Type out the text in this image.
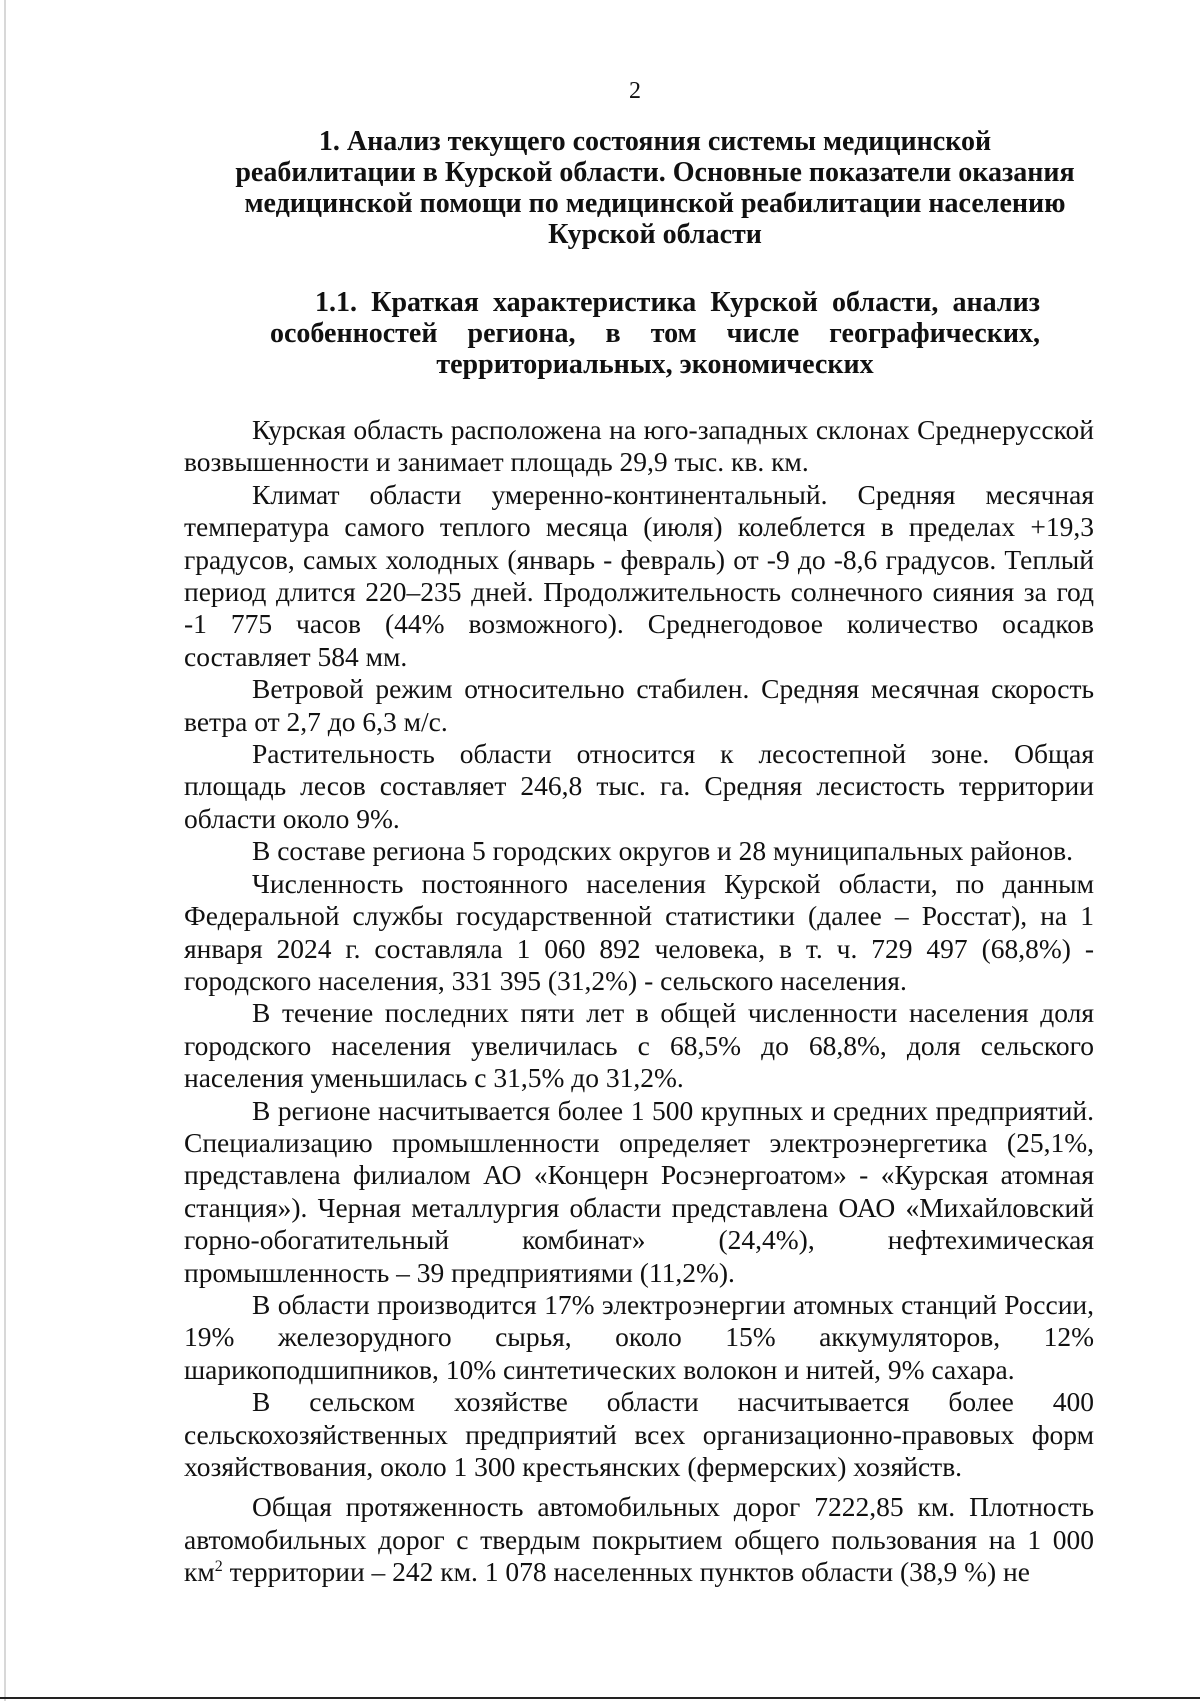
2
1. Анализ текущего состояния системы медицинской
реабилитации в Курской области. Основные показатели оказания
медицинской помощи по медицинской реабилитации населению
Курской области
1.1. Краткая характеристика Курской области, анализ
особенностей региона, в том числе географических,
территориальных, экономических

Курская область расположена на юго-западных склонах Среднерусской возвышенности и занимает площадь 29,9 тыс. кв. км.

Климат области умеренно-континентальный. Средняя месячная температура самого теплого месяца (июля) колеблется в пределах +19,3 градусов, самых холодных (январь - февраль) от -9 до -8,6 градусов. Теплый период длится 220–235 дней. Продолжительность солнечного сияния за год -1 775 часов (44% возможного). Среднегодовое количество осадков составляет 584 мм.

Ветровой режим относительно стабилен. Средняя месячная скорость ветра от 2,7 до 6,3 м/с.

Растительность области относится к лесостепной зоне. Общая площадь лесов составляет 246,8 тыс. га. Средняя лесистость территории области около 9%.

В составе региона 5 городских округов и 28 муниципальных районов.

Численность постоянного населения Курской области, по данным Федеральной службы государственной статистики (далее – Росстат), на 1 января 2024 г. составляла 1 060 892 человека, в т. ч. 729 497 (68,8%) - городского населения, 331 395 (31,2%) - сельского населения.

В течение последних пяти лет в общей численности населения доля городского населения увеличилась с 68,5% до 68,8%, доля сельского населения уменьшилась с 31,5% до 31,2%.

В регионе насчитывается более 1 500 крупных и средних предприятий. Специализацию промышленности определяет электроэнергетика (25,1%, представлена филиалом АО «Концерн Росэнергоатом» - «Курская атомная станция»). Черная металлургия области представлена ОАО «Михайловский горно-обогатительный комбинат» (24,4%), нефтехимическая промышленность – 39 предприятиями (11,2%).

В области производится 17% электроэнергии атомных станций России, 19% железорудного сырья, около 15% аккумуляторов, 12% шарикоподшипников, 10% синтетических волокон и нитей, 9% сахара.

В сельском хозяйстве области насчитывается более 400 сельскохозяйственных предприятий всех организационно-правовых форм хозяйствования, около 1 300 крестьянских (фермерских) хозяйств.

Общая протяженность автомобильных дорог 7222,85 км. Плотность автомобильных дорог с твердым покрытием общего пользования на 1 000 $км^2$ территории – 242 км. 1 078 населенных пунктов области (38,9 %) не
